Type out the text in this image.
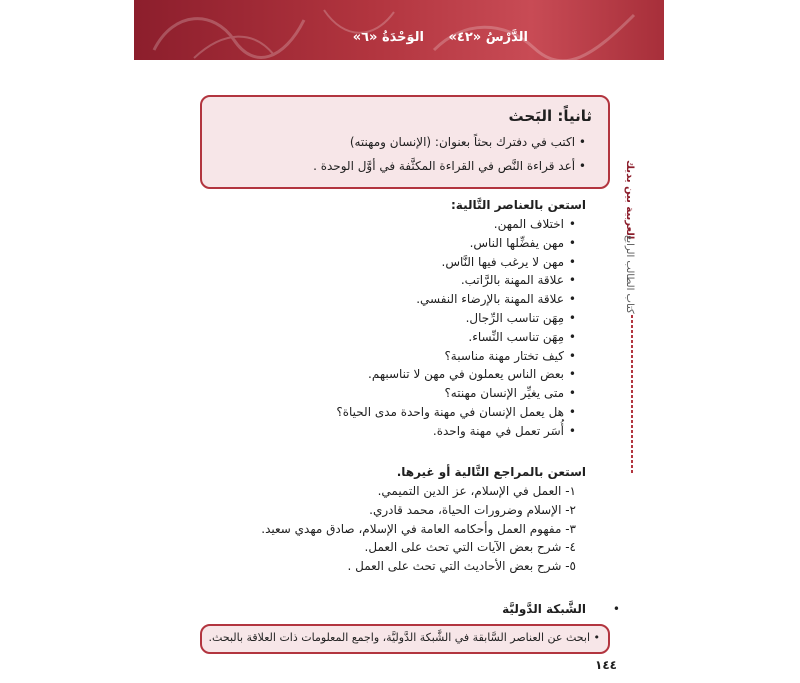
الوَحْدَةُ «٦» الدَّرْسُ «٤٢»
العربية بين يديك
كتاب الطالب الرابع
ثانياً: البَحث
• اكتب في دفترك بحثاً بعنوان: (الإنسان ومهنته)
• أعد قراءة النَّص في القراءة المكثَّفة في أوَّل الوحدة .
استعن بالعناصر التَّالية:
• اختلاف المهن.
• مهن يفضِّلها الناس.
• مهن لا يرغب فيها النَّاس.
• علاقة المهنة بالرَّاتب.
• علاقة المهنة بالإرضاء النفسي.
• مِهَن تناسب الرِّجال.
• مِهَن تناسب النِّساء.
• كيف تختار مهنة مناسبة؟
• بعض الناس يعملون في مهن لا تناسبهم.
• متى يغيِّر الإنسان مهنته؟
• هل يعمل الإنسان في مهنة واحدة مدى الحياة؟
• أُسَر تعمل في مهنة واحدة.
استعن بالمراجع التَّالية أو غيرها.
١- العمل في الإسلام، عز الدين التميمي.
٢- الإسلام وضرورات الحياة، محمد قادري.
٣- مفهوم العمل وأحكامه العامة في الإسلام، صادق مهدي سعيد.
٤- شرح بعض الآيات التي تحث على العمل.
٥- شرح بعض الأحاديث التي تحث على العمل .
•
الشَّبكة الدَّوليَّة
• ابحث عن العناصر السَّابقة في الشَّبكة الدَّوليَّة، واجمع المعلومات ذات العلاقة بالبحث.
١٤٤
